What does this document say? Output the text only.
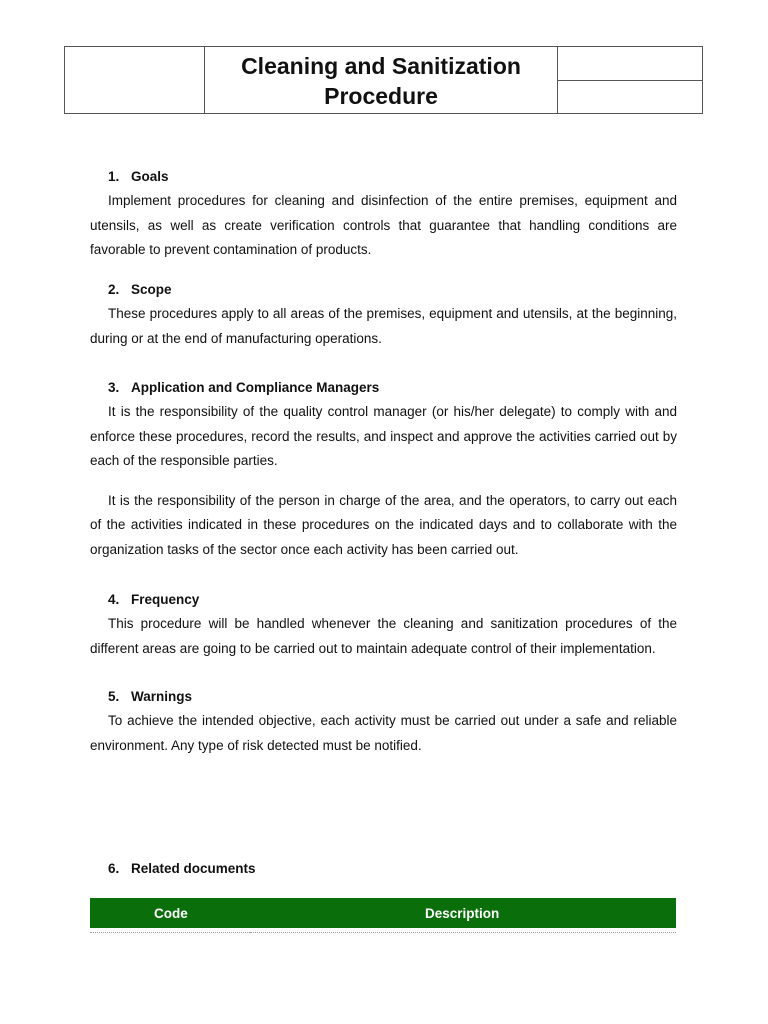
Cleaning and Sanitization
Procedure
1. Goals

Implement procedures for cleaning and disinfection of the entire premises, equipment and utensils, as well as create verification controls that guarantee that handling conditions are favorable to prevent contamination of products.

2. Scope

These procedures apply to all areas of the premises, equipment and utensils, at the beginning, during or at the end of manufacturing operations.

3. Application and Compliance Managers

It is the responsibility of the quality control manager (or his/her delegate) to comply with and enforce these procedures, record the results, and inspect and approve the activities carried out by each of the responsible parties.

It is the responsibility of the person in charge of the area, and the operators, to carry out each of the activities indicated in these procedures on the indicated days and to collaborate with the organization tasks of the sector once each activity has been carried out.

4. Frequency

This procedure will be handled whenever the cleaning and sanitization procedures of the different areas are going to be carried out to maintain adequate control of their implementation.

5. Warnings

To achieve the intended objective, each activity must be carried out under a safe and reliable environment. Any type of risk detected must be notified.

6. Related documents
Code	Description
